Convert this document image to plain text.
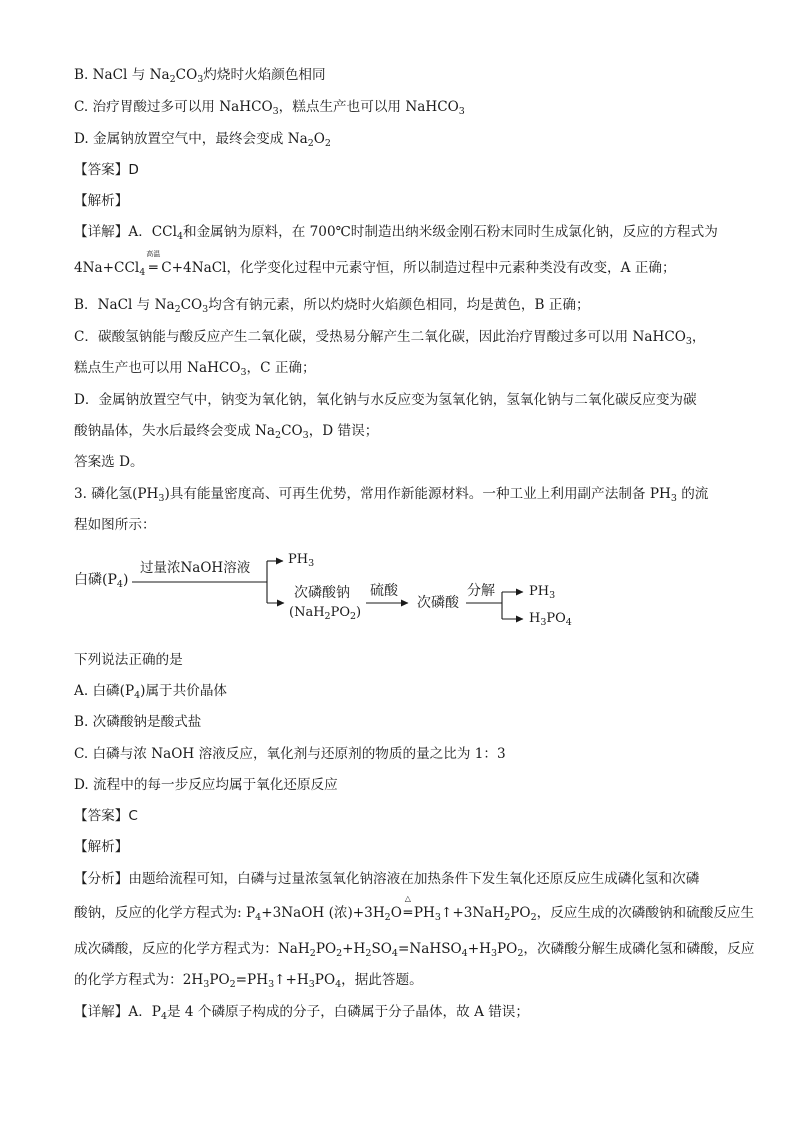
B. NaCl 与 $Na_2CO_3$灼烧时火焰颜色相同
C. 治疗胃酸过多可以用 NaHCO$_3$，糕点生产也可以用 NaHCO$_3$
D. 金属钠放置空气中，最终会变成 $Na_2O_2$
【答案】D
【解析】
【详解】A．CCl$_4$和金属钠为原料，在 700℃时制造出纳米级金刚石粉末同时生成氯化钠，反应的方程式为
4Na+CCl$_4$
高温
═ C+4NaCl，化学变化过程中元素守恒，所以制造过程中元素种类没有改变，A 正确；
B．NaCl 与 $Na_2CO_3$均含有钠元素，所以灼烧时火焰颜色相同，均是黄色，B 正确；
C．碳酸氢钠能与酸反应产生二氧化碳，受热易分解产生二氧化碳，因此治疗胃酸过多可以用 NaHCO$_3$，
糕点生产也可以用 NaHCO$_3$，C 正确；
D．金属钠放置空气中，钠变为氧化钠，氧化钠与水反应变为氢氧化钠，氢氧化钠与二氧化碳反应变为碳
酸钠晶体，失水后最终会变成 $Na_2CO_3$，D 错误；
答案选 D。
3. 磷化氢$(PH_3)$具有能量密度高、可再生优势，常用作新能源材料。一种工业上利用副产法制备 $PH_3$ 的流
程如图所示：
白磷$(P_4)$
过量浓NaOH溶液
$PH_3$
次磷酸钠
$(NaH_2PO_2)$
硫酸
次磷酸
分解	$PH_3$
$H_3PO_4$
下列说法正确的是
A. 白磷$(P_4)$属于共价晶体
B. 次磷酸钠是酸式盐
C. 白磷与浓 NaOH 溶液反应，氧化剂与还原剂的物质的量之比为 1：3
D. 流程中的每一步反应均属于氧化还原反应
【答案】C
【解析】
【分析】由题给流程可知，白磷与过量浓氢氧化钠溶液在加热条件下发生氧化还原反应生成磷化氢和次磷
酸钠，反应的化学方程式为: $P_4+3NaOH$ (浓)$+3H_2O$
△
═ $PH_3↑+3NaH_2PO_2$，反应生成的次磷酸钠和硫酸反应生
成次磷酸，反应的化学方程式为：$NaH_2PO_2+H_2SO_4=NaHSO_4+H_3PO_2$，次磷酸分解生成磷化氢和磷酸，反应
的化学方程式为：$2H_3PO_2=PH_3↑+H_3PO_4$，据此答题。
【详解】A．$P_4$是 4 个磷原子构成的分子，白磷属于分子晶体，故 A 错误；
